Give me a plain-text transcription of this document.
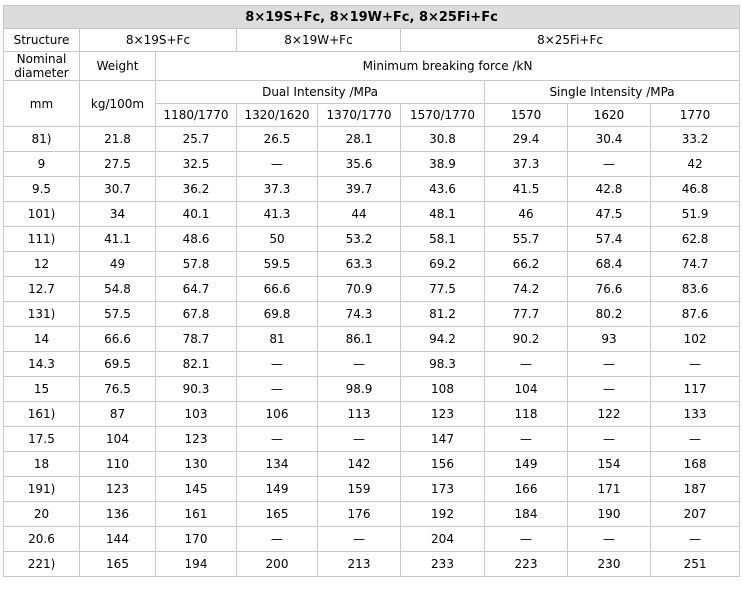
8×19S+Fc, 8×19W+Fc, 8×25Fi+Fc								
Structure	8×19S+Fc		8×19W+Fc		8×25Fi+Fc			
Nominal diameter	Weight	Minimum breaking force /kN						
mm	kg/100m	Dual Intensity /MPa				Single Intensity /MPa		
		1180/1770	1320/1620	1370/1770	1570/1770	1570	1620	1770
81)	21.8	25.7	26.5	28.1	30.8	29.4	30.4	33.2
9	27.5	32.5	—	35.6	38.9	37.3	—	42
9.5	30.7	36.2	37.3	39.7	43.6	41.5	42.8	46.8
101)	34	40.1	41.3	44	48.1	46	47.5	51.9
111)	41.1	48.6	50	53.2	58.1	55.7	57.4	62.8
12	49	57.8	59.5	63.3	69.2	66.2	68.4	74.7
12.7	54.8	64.7	66.6	70.9	77.5	74.2	76.6	83.6
131)	57.5	67.8	69.8	74.3	81.2	77.7	80.2	87.6
14	66.6	78.7	81	86.1	94.2	90.2	93	102
14.3	69.5	82.1	—	—	98.3	—	—	—
15	76.5	90.3	—	98.9	108	104	—	117
161)	87	103	106	113	123	118	122	133
17.5	104	123	—	—	147	—	—	—
18	110	130	134	142	156	149	154	168
191)	123	145	149	159	173	166	171	187
20	136	161	165	176	192	184	190	207
20.6	144	170	—	—	204	—	—	—
221)	165	194	200	213	233	223	230	251
